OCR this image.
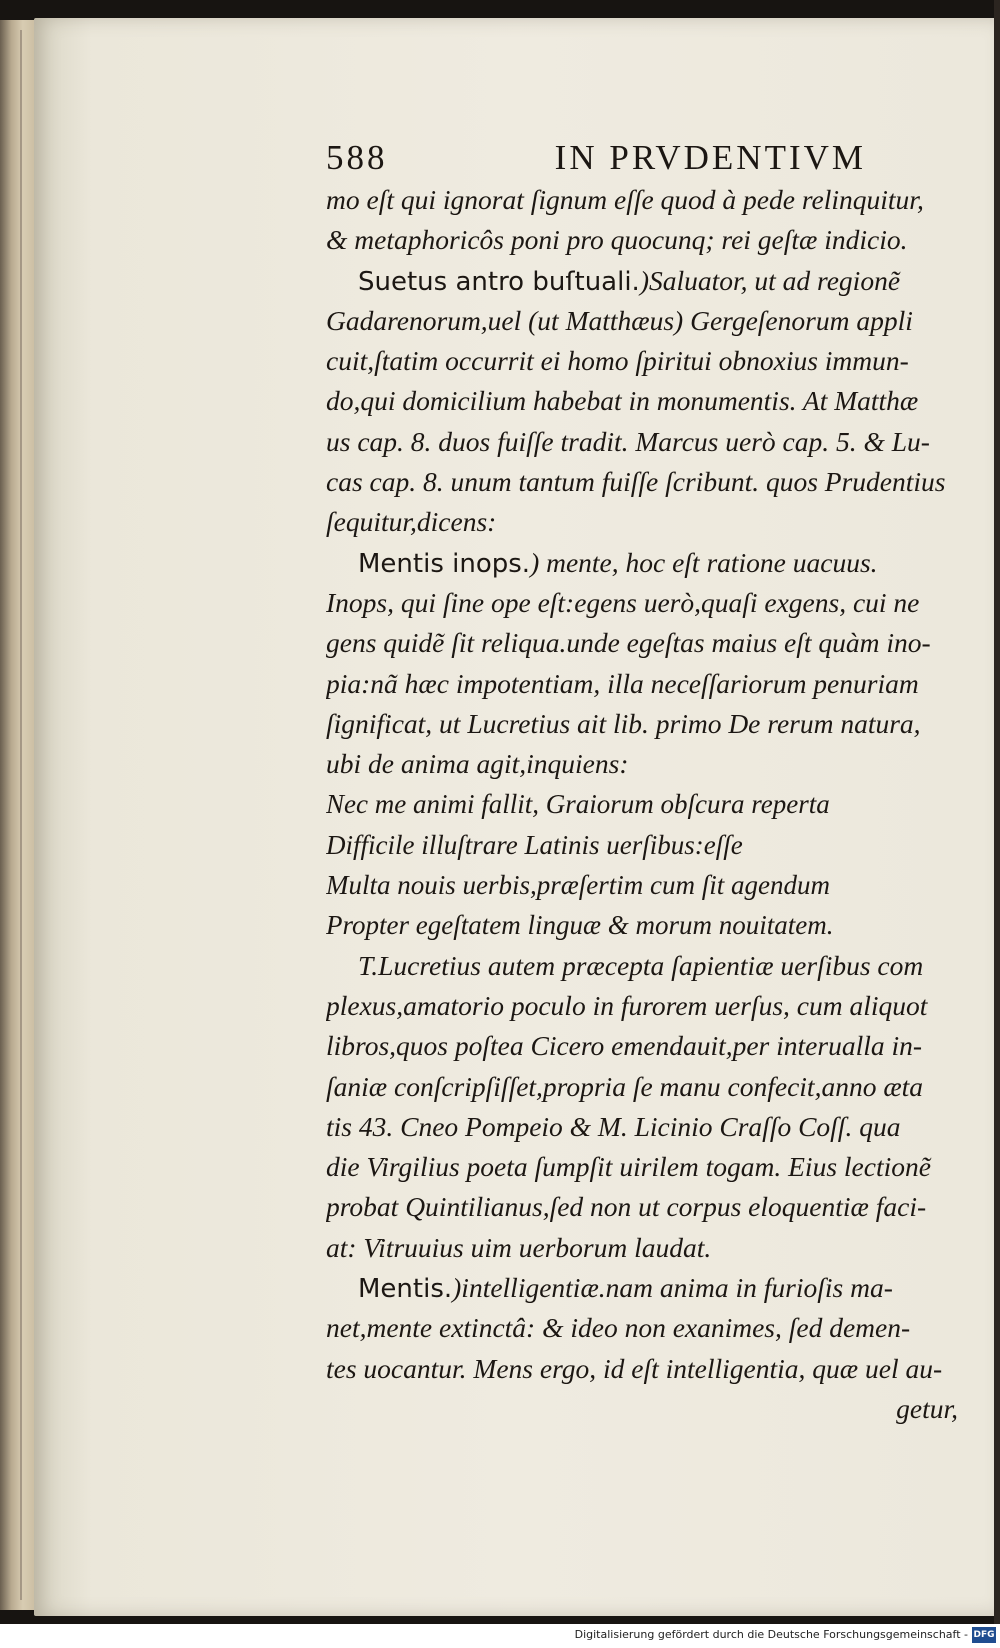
588	IN PRVDENTIVM
mo eſt qui ignorat ſignum eſſe quod à pede relinquitur,
& metaphoricôs poni pro quocunq; rei geſtæ indicio.
Suetus antro buſtuali.)Saluator, ut ad regionẽ
Gadarenorum,uel (ut Matthæus) Gergeſenorum appli
cuit,ſtatim occurrit ei homo ſpiritui obnoxius immun-
do,qui domicilium habebat in monumentis. At Matthæ
us cap. 8. duos fuiſſe tradit. Marcus uerò cap. 5. & Lu-
cas cap. 8. unum tantum fuiſſe ſcribunt. quos Prudentius
ſequitur,dicens:
Mentis inops.) mente, hoc eſt ratione uacuus.
Inops, qui ſine ope eſt:egens uerò,quaſi exgens, cui ne
gens quidẽ ſit reliqua.unde egeſtas maius eſt quàm ino-
pia:nã hæc impotentiam, illa neceſſariorum penuriam
ſignificat, ut Lucretius ait lib. primo De rerum natura,
ubi de anima agit,inquiens:
Nec me animi fallit, Graiorum obſcura reperta
Difficile illuſtrare Latinis uerſibus:eſſe
Multa nouis uerbis,præſertim cum ſit agendum
Propter egeſtatem linguæ & morum nouitatem.
T.Lucretius autem præcepta ſapientiæ uerſibus com
plexus,amatorio poculo in furorem uerſus, cum aliquot
libros,quos poſtea Cicero emendauit,per interualla in-
ſaniæ conſcripſiſſet,propria ſe manu confecit,anno æta
tis 43. Cneo Pompeio & M. Licinio Craſſo Coſſ. qua
die Virgilius poeta ſumpſit uirilem togam. Eius lectionẽ
probat Quintilianus,ſed non ut corpus eloquentiæ faci-
at: Vitruuius uim uerborum laudat.
Mentis.)intelligentiæ.nam anima in furioſis ma-
net,mente extinctâ: & ideo non exanimes, ſed demen-
tes uocantur. Mens ergo, id eſt intelligentia, quæ uel au-
getur,
Digitalisierung gefördert durch die Deutsche Forschungsgemeinschaft - DFG
